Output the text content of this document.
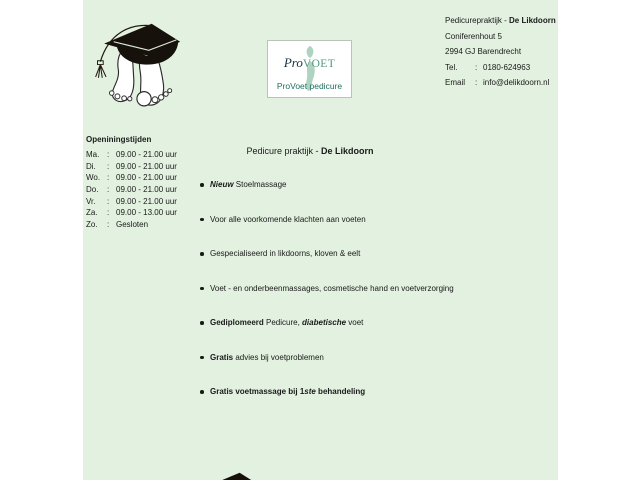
ProVOET
ProVoet pedicure
Pedicurepraktijk - De Likdoorn
Coniferenhout 5
2994 GJ Barendrecht
Tel.	: 0180-624963
Email	: info@delikdoorn.nl
Openiningstijden
Ma. : 09.00 - 21.00 uur
Di.	: 09.00 - 21.00 uur
Wo. : 09.00 - 21.00 uur
Do.	: 09.00 - 21.00 uur
Vr.	: 09.00 - 21.00 uur
Za.	: 09.00 - 13.00 uur
Zo.	: Gesloten
Pedicure praktijk - De Likdoorn
Nieuw Stoelmassage
Voor alle voorkomende klachten aan voeten
Gespecialiseerd in likdoorns, kloven & eelt
Voet - en onderbeenmassages, cosmetische hand en voetverzorging
Gediplomeerd Pedicure, diabetische voet
Gratis advies bij voetproblemen
Gratis voetmassage bij 1ste behandeling
